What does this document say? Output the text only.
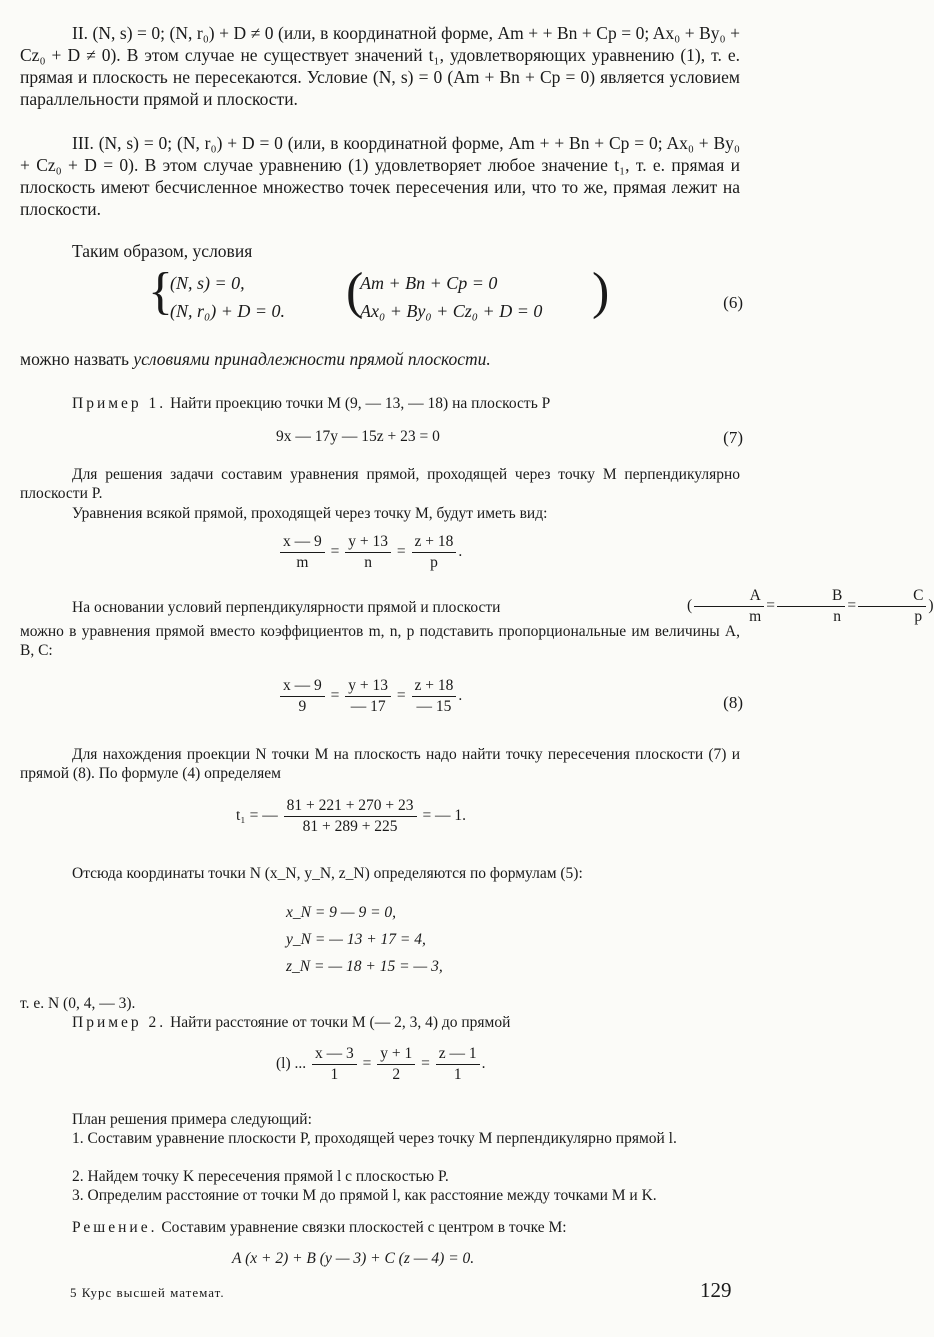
II. (N, s) = 0; (N, r₀) + D ≠ 0 (или, в координатной форме, Am + + Bn + Cp = 0; Ax₀ + By₀ + Cz₀ + D ≠ 0). В этом случае не существует значений t₁, удовлетворяющих уравнению (1), т. е. прямая и плоскость не пересекаются. Условие (N, s) = 0 (Am + Bn + Cp = 0) является условием параллельности прямой и плоскости.

III. (N, s) = 0; (N, r₀) + D = 0 (или, в координатной форме, Am + + Bn + Cp = 0; Ax₀ + By₀ + Cz₀ + D = 0). В этом случае уравнению (1) удовлетворяет любое значение t₁, т. е. прямая и плоскость имеют бесчисленное множество точек пересечения или, что то же, прямая лежит на плоскости.

Таким образом, условия

{
(N, s) = 0,
(N, r₀) + D = 0. (
Am + Bn + Cp = 0
Ax₀ + By₀ + Cz₀ + D = 0 )	(6)

можно назвать условиями принадлежности прямой плоскости.

Пример 1. Найти проекцию точки M (9, — 13, — 18) на плоскость P

9x — 17y — 15z + 23 = 0	(7)

Для решения задачи составим уравнения прямой, проходящей через точку M перпендикулярно плоскости P.

Уравнения всякой прямой, проходящей через точку M, будут иметь вид:

$\frac{x — 9}{m} = \frac{y + 13}{n} = \frac{z + 18}{p}$ .
На основании условий перпендикулярности прямой и плоскости	( $\frac{A}{m} = \frac{B}{n} = \frac{C}{p}$ )

можно в уравнения прямой вместо коэффициентов m, n, p подставить пропорциональные им величины A, B, C:

$\frac{x — 9}{9} = \frac{y + 13}{— 17} = \frac{z + 18}{— 15}$ .	(8)

Для нахождения проекции N точки M на плоскость надо найти точку пересечения плоскости (7) и прямой (8). По формуле (4) определяем

t₁ = — $\frac{81 + 221 + 270 + 23}{81 + 289 + 225}$ = — 1.

Отсюда координаты точки N (x_N, y_N, z_N) определяются по формулам (5):

x_N = 9 — 9 = 0,
y_N = — 13 + 17 = 4,
z_N = — 18 + 15 = — 3,

т. е. N (0, 4, — 3).

Пример 2. Найти расстояние от точки M (— 2, 3, 4) до прямой

(l) ... $\frac{x — 3}{1} = \frac{y + 1}{2} = \frac{z — 1}{1}$ .

План решения примера следующий:

1. Составим уравнение плоскости P, проходящей через точку M перпендикулярно прямой l.

2. Найдем точку K пересечения прямой l с плоскостью P.

3. Определим расстояние от точки M до прямой l, как расстояние между точками M и K.

Решение. Составим уравнение связки плоскостей с центром в точке M:

A (x + 2) + B (y — 3) + C (z — 4) = 0.
5 Курс высшей математ.	129
